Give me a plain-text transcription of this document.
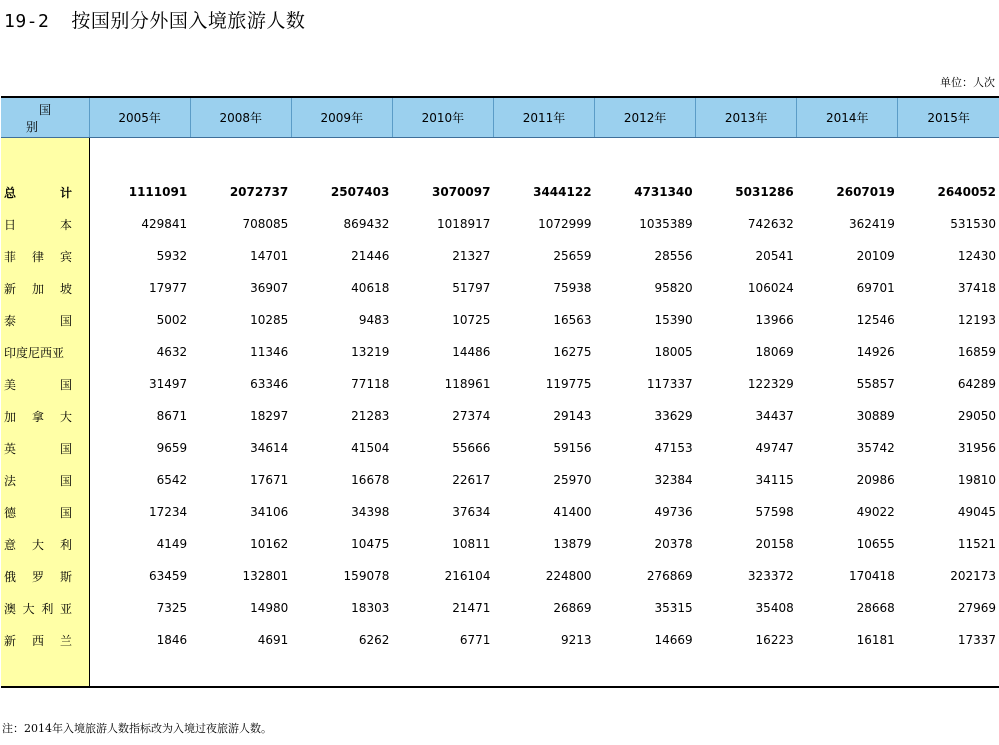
19-2 按国别分外国入境旅游人数
单位：人次
国别	2005年	2008年	2009年	2010年	2011年	2012年	2013年	2014年	2015年

总 计	1111091	2072737	2507403	3070097	3444122	4731340	5031286	2607019	2640052

日 本	429841	708085	869432	1018917	1072999	1035389	742632	362419	531530

菲 律 宾	5932	14701	21446	21327	25659	28556	20541	20109	12430

新 加 坡	17977	36907	40618	51797	75938	95820	106024	69701	37418

泰 国	5002	10285	9483	10725	16563	15390	13966	12546	12193

印度尼西亚	4632	11346	13219	14486	16275	18005	18069	14926	16859

美 国	31497	63346	77118	118961	119775	117337	122329	55857	64289

加 拿 大	8671	18297	21283	27374	29143	33629	34437	30889	29050

英 国	9659	34614	41504	55666	59156	47153	49747	35742	31956

法 国	6542	17671	16678	22617	25970	32384	34115	20986	19810

德 国	17234	34106	34398	37634	41400	49736	57598	49022	49045

意 大 利	4149	10162	10475	10811	13879	20378	20158	10655	11521

俄 罗 斯	63459	132801	159078	216104	224800	276869	323372	170418	202173

澳 大 利 亚	7325	14980	18303	21471	26869	35315	35408	28668	27969

新 西 兰	1846	4691	6262	6771	9213	14669	16223	16181	17337

注：2014年入境旅游人数指标改为入境过夜旅游人数。
